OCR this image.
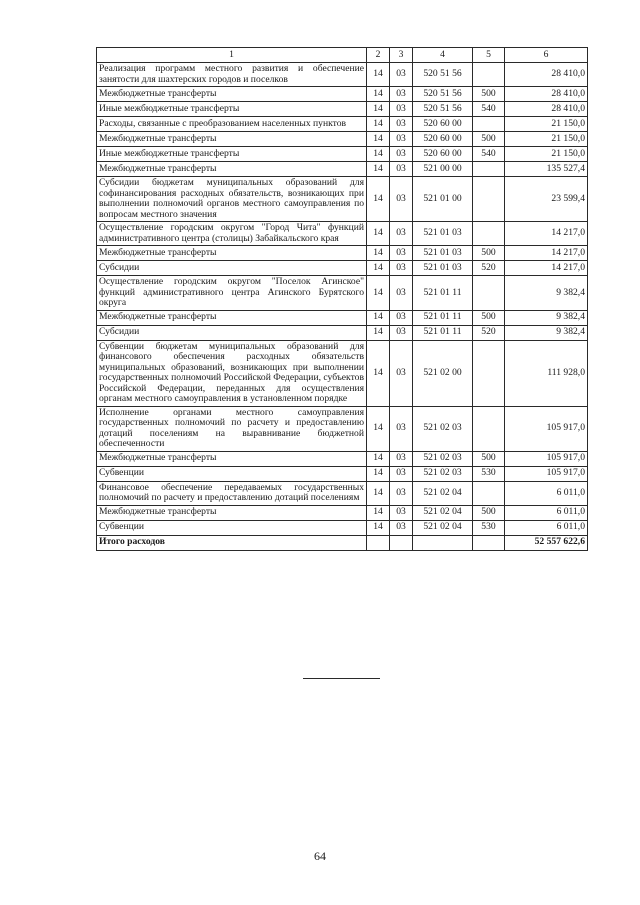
1	2	3	4	5	6
Реализация программ местного развития и обеспечение занятости для шахтерских городов и поселков	14	03	520 51 56		28 410,0
Межбюджетные трансферты	14	03	520 51 56	500	28 410,0
Иные межбюджетные трансферты	14	03	520 51 56	540	28 410,0
Расходы, связанные с преобразованием населенных пунктов	14	03	520 60 00		21 150,0
Межбюджетные трансферты	14	03	520 60 00	500	21 150,0
Иные межбюджетные трансферты	14	03	520 60 00	540	21 150,0
Межбюджетные трансферты	14	03	521 00 00		135 527,4
Субсидии бюджетам муниципальных образований для софинансирования расходных обязательств, возникающих при выполнении полномочий органов местного самоуправления по вопросам местного значения	14	03	521 01 00		23 599,4
Осуществление городским округом "Город Чита" функций административного центра (столицы) Забайкальского края	14	03	521 01 03		14 217,0
Межбюджетные трансферты	14	03	521 01 03	500	14 217,0
Субсидии	14	03	521 01 03	520	14 217,0
Осуществление городским округом "Поселок Агинское" функций административного центра Агинского Бурятского округа	14	03	521 01 11		9 382,4
Межбюджетные трансферты	14	03	521 01 11	500	9 382,4
Субсидии	14	03	521 01 11	520	9 382,4
Субвенции бюджетам муниципальных образований для финансового обеспечения расходных обязательств муниципальных образований, возникающих при выполнении государственных полномочий Российской Федерации, субъектов Российской Федерации, переданных для осуществления органам местного самоуправления в установленном порядке	14	03	521 02 00		111 928,0
Исполнение органами местного самоуправления государственных полномочий по расчету и предоставлению дотаций поселениям на выравнивание бюджетной обеспеченности	14	03	521 02 03		105 917,0
Межбюджетные трансферты	14	03	521 02 03	500	105 917,0
Субвенции	14	03	521 02 03	530	105 917,0
Финансовое обеспечение передаваемых государственных полномочий по расчету и предоставлению дотаций поселениям	14	03	521 02 04		6 011,0
Межбюджетные трансферты	14	03	521 02 04	500	6 011,0
Субвенции	14	03	521 02 04	530	6 011,0
Итого расходов					52 557 622,6
64
